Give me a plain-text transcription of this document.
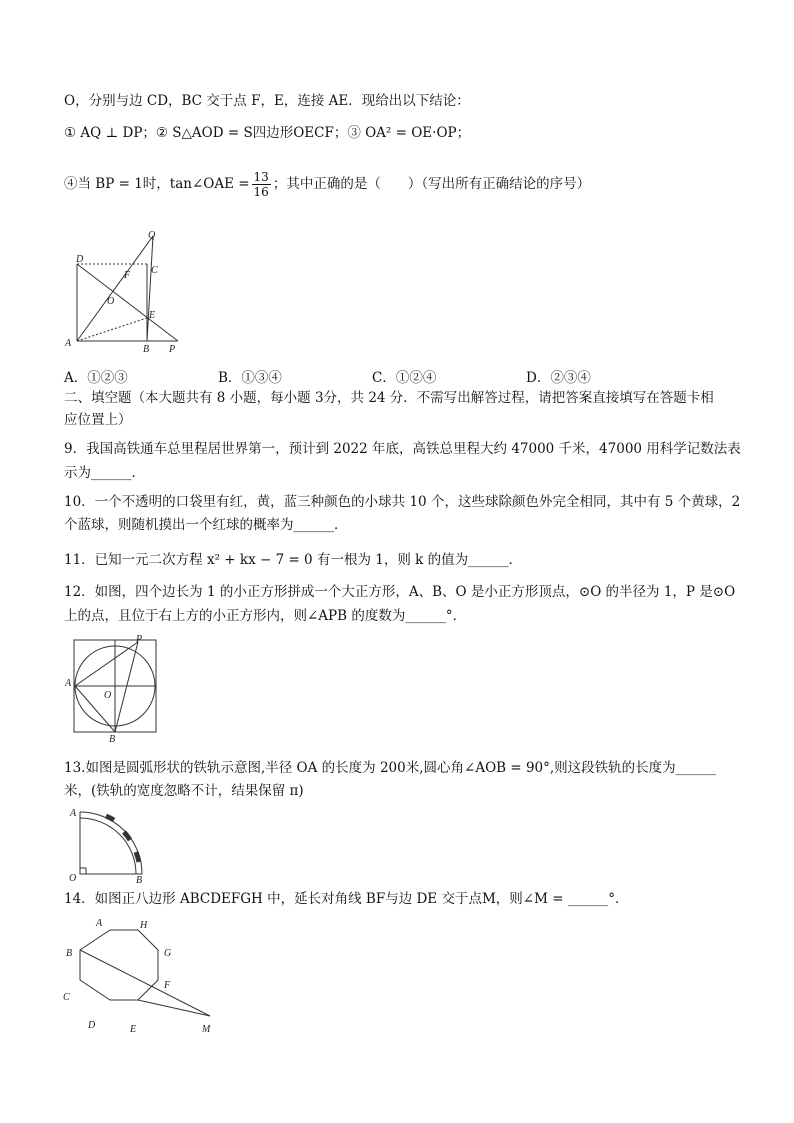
O，分别与边 CD，BC 交于点 F，E，连接 AE．现给出以下结论：
① AQ ⊥ DP；② S△AOD = S四边形OECF；③ OA² = OE·OP；
④当 BP = 1时，tan∠OAE = $\frac{13}{16}$ ；其中正确的是（　　）（写出所有正确结论的序号）
Q
D
F C
O
E
A
B P
A．①②③	B．①③④	C．①②④	D．②③④
二、填空题（本大题共有 8 小题，每小题 3分，共 24 分．不需写出解答过程，请把答案直接填写在答题卡相
应位置上）
9．我国高铁通车总里程居世界第一，预计到 2022 年底，高铁总里程大约 47000 千米，47000 用科学记数法表
示为______．
10．一个不透明的口袋里有红，黄，蓝三种颜色的小球共 10 个，这些球除颜色外完全相同，其中有 5 个黄球，2
个蓝球，则随机摸出一个红球的概率为______．
11．已知一元二次方程 x² + kx − 7 = 0 有一根为 1，则 k 的值为______．
12．如图，四个边长为 1 的小正方形拼成一个大正方形，A、B、O 是小正方形顶点，⊙O 的半径为 1，P 是⊙O
上的点，且位于右上方的小正方形内，则∠APB 的度数为______°．
P
A
O
B
13.如图是圆弧形状的铁轨示意图,半径 OA 的长度为 200米,圆心角∠AOB = 90°,则这段铁轨的长度为______
米，(铁轨的宽度忽略不计，结果保留 π)
A
O	B
14．如图正八边形 ABCDEFGH 中，延长对角线 BF与边 DE 交于点M，则∠M = ______°．
A	H
B	G
F
C
D	E	M
